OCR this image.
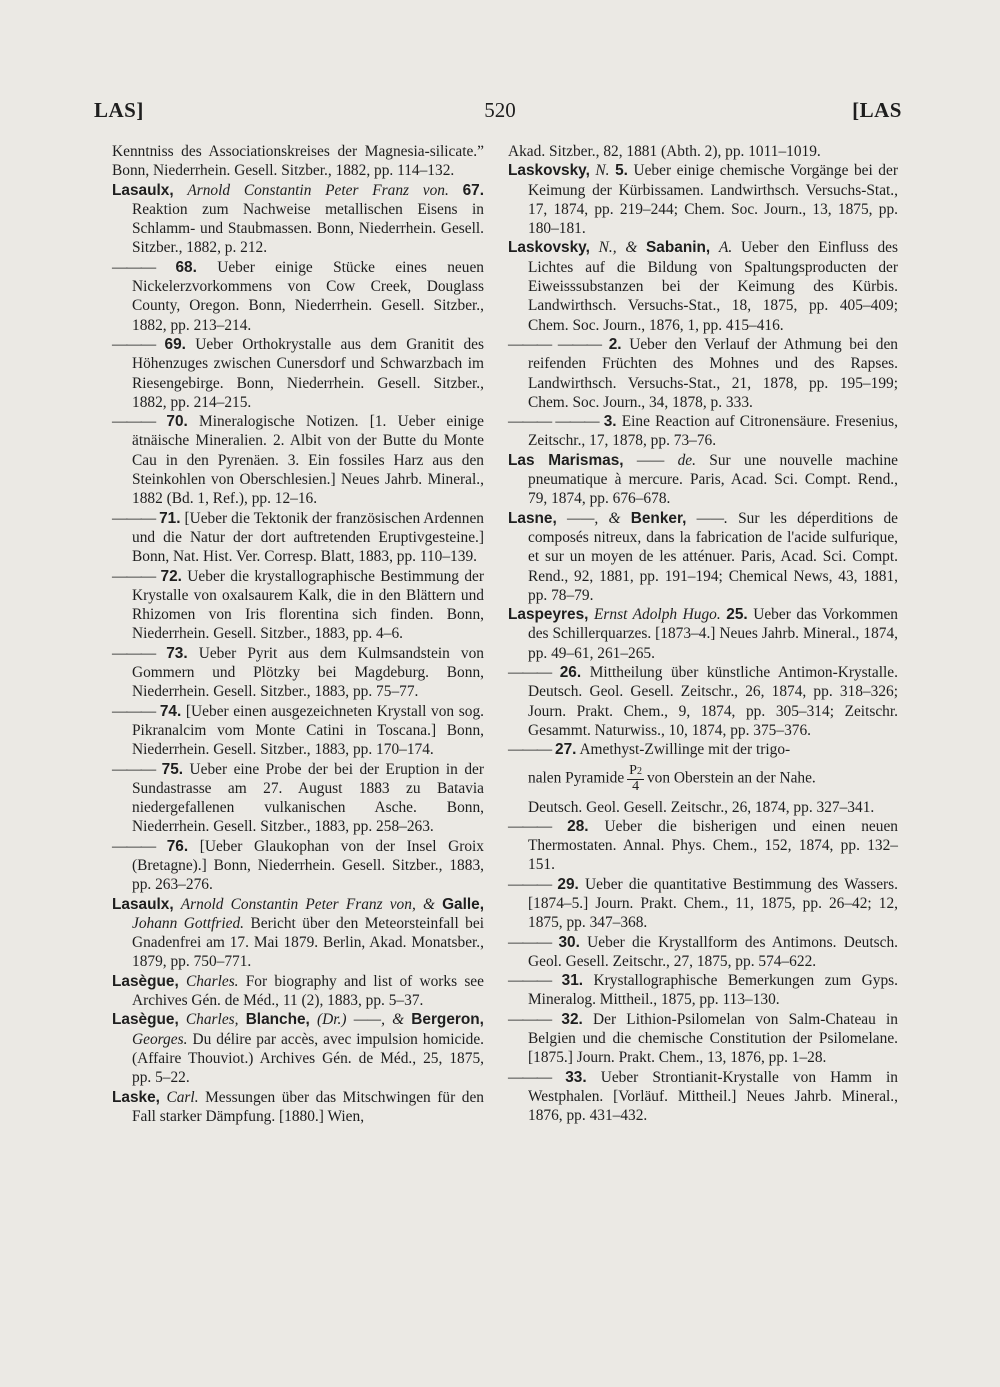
LAS]	520	[LAS

Kenntniss des Associationskreises der Magnesia-silicate.” Bonn, Niederrhein. Gesell. Sitzber., 1882, pp. 114–132.

Lasaulx, Arnold Constantin Peter Franz von. 67. Reaktion zum Nachweise metallischen Eisens in Schlamm- und Staubmassen. Bonn, Niederrhein. Gesell. Sitzber., 1882, p. 212.

——— 68. Ueber einige Stücke eines neuen Nickelerzvorkommens von Cow Creek, Douglass County, Oregon. Bonn, Niederrhein. Gesell. Sitzber., 1882, pp. 213–214.

——— 69. Ueber Orthokrystalle aus dem Granitit des Höhenzuges zwischen Cunersdorf und Schwarzbach im Riesengebirge. Bonn, Niederrhein. Gesell. Sitzber., 1882, pp. 214–215.

——— 70. Mineralogische Notizen. [1. Ueber einige ätnäische Mineralien. 2. Albit von der Butte du Monte Cau in den Pyrenäen. 3. Ein fossiles Harz aus den Steinkohlen von Oberschlesien.] Neues Jahrb. Mineral., 1882 (Bd. 1, Ref.), pp. 12–16.

——— 71. [Ueber die Tektonik der französischen Ardennen und die Natur der dort auftretenden Eruptivgesteine.] Bonn, Nat. Hist. Ver. Corresp. Blatt, 1883, pp. 110–139.

——— 72. Ueber die krystallographische Bestimmung der Krystalle von oxalsaurem Kalk, die in den Blättern und Rhizomen von Iris florentina sich finden. Bonn, Niederrhein. Gesell. Sitzber., 1883, pp. 4–6.

——— 73. Ueber Pyrit aus dem Kulmsandstein von Gommern und Plötzky bei Magdeburg. Bonn, Niederrhein. Gesell. Sitzber., 1883, pp. 75–77.

——— 74. [Ueber einen ausgezeichneten Krystall von sog. Pikranalcim vom Monte Catini in Toscana.] Bonn, Niederrhein. Gesell. Sitzber., 1883, pp. 170–174.

——— 75. Ueber eine Probe der bei der Eruption in der Sundastrasse am 27. August 1883 zu Batavia niedergefallenen vulkanischen Asche. Bonn, Niederrhein. Gesell. Sitzber., 1883, pp. 258–263.

——— 76. [Ueber Glaukophan von der Insel Groix (Bretagne).] Bonn, Niederrhein. Gesell. Sitzber., 1883, pp. 263–276.

Lasaulx, Arnold Constantin Peter Franz von, & Galle, Johann Gottfried. Bericht über den Meteorsteinfall bei Gnadenfrei am 17. Mai 1879. Berlin, Akad. Monatsber., 1879, pp. 750–771.

Lasègue, Charles. For biography and list of works see Archives Gén. de Méd., 11 (2), 1883, pp. 5–37.

Lasègue, Charles, Blanche, (Dr.) ——, & Bergeron, Georges. Du délire par accès, avec impulsion homicide. (Affaire Thouviot.) Archives Gén. de Méd., 25, 1875, pp. 5–22.

Laske, Carl. Messungen über das Mitschwingen für den Fall starker Dämpfung. [1880.] Wien,

Akad. Sitzber., 82, 1881 (Abth. 2), pp. 1011–1019.

Laskovsky, N. 5. Ueber einige chemische Vorgänge bei der Keimung der Kürbissamen. Landwirthsch. Versuchs-Stat., 17, 1874, pp. 219–244; Chem. Soc. Journ., 13, 1875, pp. 180–181.

Laskovsky, N., & Sabanin, A. Ueber den Einfluss des Lichtes auf die Bildung von Spaltungsproducten der Eiweisssubstanzen bei der Keimung des Kürbis. Landwirthsch. Versuchs-Stat., 18, 1875, pp. 405–409; Chem. Soc. Journ., 1876, 1, pp. 415–416.

——— ——— 2. Ueber den Verlauf der Athmung bei den reifenden Früchten des Mohnes und des Rapses. Landwirthsch. Versuchs-Stat., 21, 1878, pp. 195–199; Chem. Soc. Journ., 34, 1878, p. 333.

——— ——— 3. Eine Reaction auf Citronensäure. Fresenius, Zeitschr., 17, 1878, pp. 73–76.

Las Marismas, —— de. Sur une nouvelle machine pneumatique à mercure. Paris, Acad. Sci. Compt. Rend., 79, 1874, pp. 676–678.

Lasne, ——, & Benker, ——. Sur les déperditions de composés nitreux, dans la fabrication de l'acide sulfurique, et sur un moyen de les atténuer. Paris, Acad. Sci. Compt. Rend., 92, 1881, pp. 191–194; Chemical News, 43, 1881, pp. 78–79.

Laspeyres, Ernst Adolph Hugo. 25. Ueber das Vorkommen des Schillerquarzes. [1873–4.] Neues Jahrb. Mineral., 1874, pp. 49–61, 261–265.

——— 26. Mittheilung über künstliche Antimon-Krystalle. Deutsch. Geol. Gesell. Zeitschr., 26, 1874, pp. 318–326; Journ. Prakt. Chem., 9, 1874, pp. 305–314; Zeitschr. Gesammt. Naturwiss., 10, 1874, pp. 375–376.

——— 27. Amethyst-Zwillinge mit der trigo-

nalen Pyramide $\frac{P2}{4}$ von Oberstein an der Nahe.

Deutsch. Geol. Gesell. Zeitschr., 26, 1874, pp. 327–341.

——— 28. Ueber die bisherigen und einen neuen Thermostaten. Annal. Phys. Chem., 152, 1874, pp. 132–151.

——— 29. Ueber die quantitative Bestimmung des Wassers. [1874–5.] Journ. Prakt. Chem., 11, 1875, pp. 26–42; 12, 1875, pp. 347–368.

——— 30. Ueber die Krystallform des Antimons. Deutsch. Geol. Gesell. Zeitschr., 27, 1875, pp. 574–622.

——— 31. Krystallographische Bemerkungen zum Gyps. Mineralog. Mittheil., 1875, pp. 113–130.

——— 32. Der Lithion-Psilomelan von Salm-Chateau in Belgien und die chemische Constitution der Psilomelane. [1875.] Journ. Prakt. Chem., 13, 1876, pp. 1–28.

——— 33. Ueber Strontianit-Krystalle von Hamm in Westphalen. [Vorläuf. Mittheil.] Neues Jahrb. Mineral., 1876, pp. 431–432.
